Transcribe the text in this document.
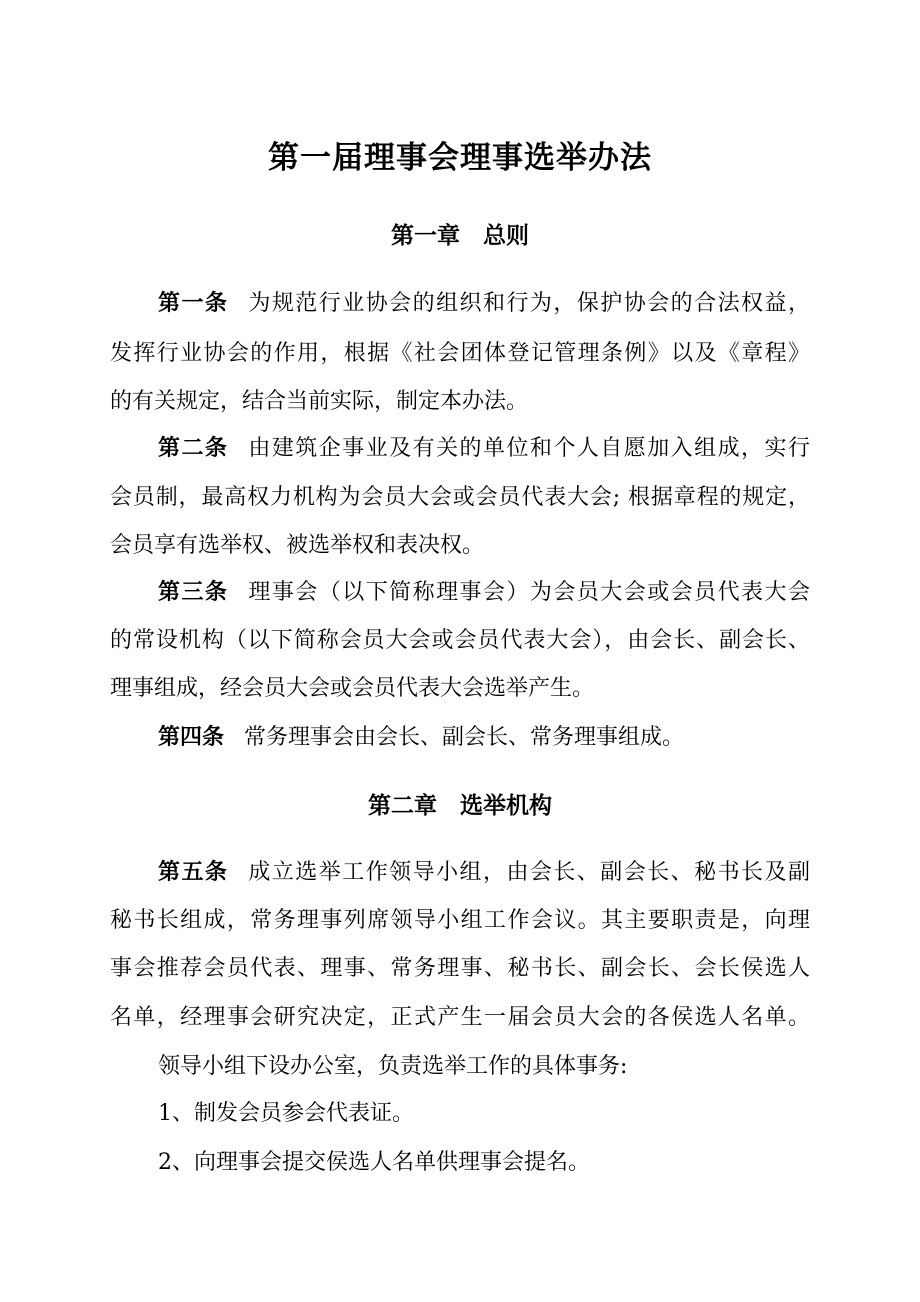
第一届理事会理事选举办法
第一章　总则

第一条 为规范行业协会的组织和行为，保护协会的合法权益，

发挥行业协会的作用，根据《社会团体登记管理条例》以及《章程》

的有关规定，结合当前实际，制定本办法。

第二条 由建筑企事业及有关的单位和个人自愿加入组成，实行

会员制，最高权力机构为会员大会或会员代表大会; 根据章程的规定，

会员享有选举权、被选举权和表决权。

第三条 理事会（以下简称理事会）为会员大会或会员代表大会

的常设机构（以下简称会员大会或会员代表大会），由会长、副会长、

理事组成，经会员大会或会员代表大会选举产生。

第四条 常务理事会由会长、副会长、常务理事组成。

第二章　选举机构

第五条 成立选举工作领导小组，由会长、副会长、秘书长及副

秘书长组成，常务理事列席领导小组工作会议。其主要职责是，向理

事会推荐会员代表、理事、常务理事、秘书长、副会长、会长侯选人

名单，经理事会研究决定，正式产生一届会员大会的各侯选人名单。

领导小组下设办公室，负责选举工作的具体事务:

1、制发会员参会代表证。

2、向理事会提交侯选人名单供理事会提名。
